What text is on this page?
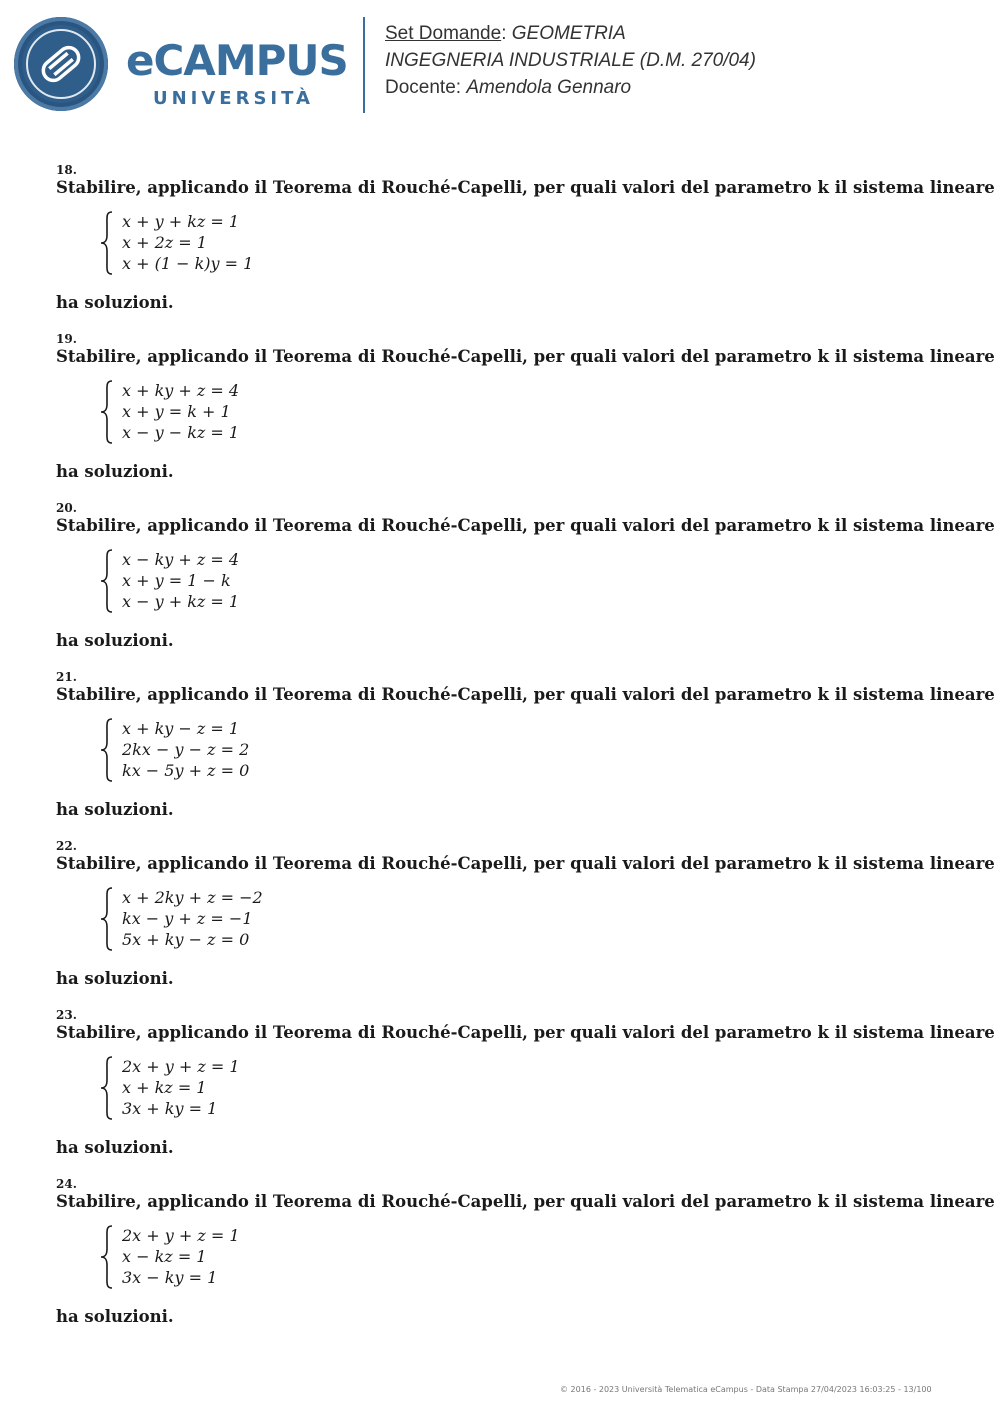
eCAMPUS
UNIVERSITÀ
Set Domande: GEOMETRIA
INGEGNERIA INDUSTRIALE (D.M. 270/04)
Docente: Amendola Gennaro
18.
Stabilire, applicando il Teorema di Rouché-Capelli, per quali valori del parametro k il sistema lineare
x + y + kz = 1
x + 2z = 1
x + (1 − k)y = 1
ha soluzioni.
19.
Stabilire, applicando il Teorema di Rouché-Capelli, per quali valori del parametro k il sistema lineare
x + ky + z = 4
x + y = k + 1
x − y − kz = 1
ha soluzioni.
20.
Stabilire, applicando il Teorema di Rouché-Capelli, per quali valori del parametro k il sistema lineare
x − ky + z = 4
x + y = 1 − k
x − y + kz = 1
ha soluzioni.
21.
Stabilire, applicando il Teorema di Rouché-Capelli, per quali valori del parametro k il sistema lineare
x + ky − z = 1
2kx − y − z = 2
kx − 5y + z = 0
ha soluzioni.
22.
Stabilire, applicando il Teorema di Rouché-Capelli, per quali valori del parametro k il sistema lineare
x + 2ky + z = −2
kx − y + z = −1
5x + ky − z = 0
ha soluzioni.
23.
Stabilire, applicando il Teorema di Rouché-Capelli, per quali valori del parametro k il sistema lineare
2x + y + z = 1
x + kz = 1
3x + ky = 1
ha soluzioni.
24.
Stabilire, applicando il Teorema di Rouché-Capelli, per quali valori del parametro k il sistema lineare
2x + y + z = 1
x − kz = 1
3x − ky = 1
ha soluzioni.
© 2016 - 2023 Università Telematica eCampus - Data Stampa 27/04/2023 16:03:25 - 13/100
